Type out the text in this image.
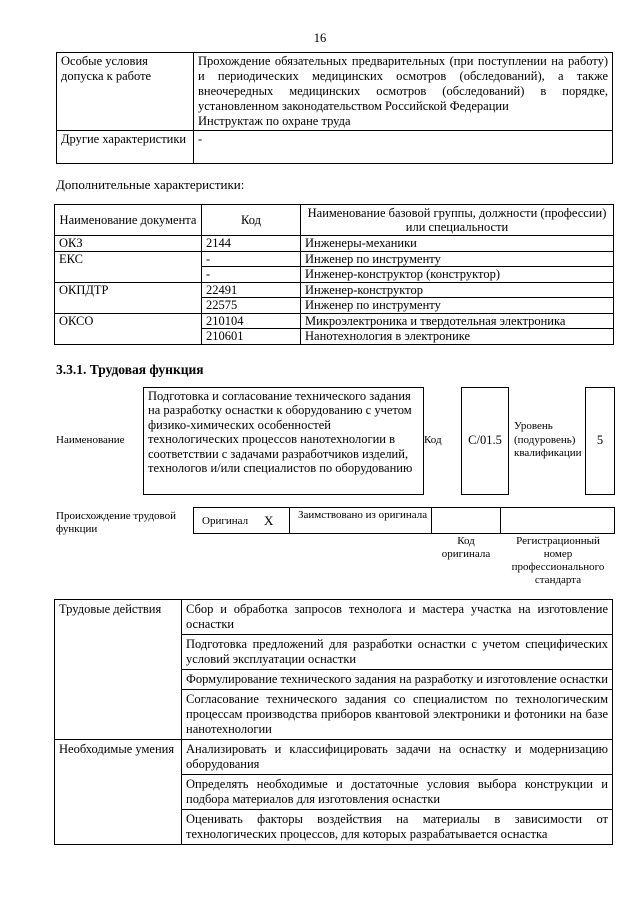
16
Особые условия допуска к работе	Прохождение обязательных предварительных (при поступлении на работу) и периодических медицинских осмотров (обследований), а также внеочередных медицинских осмотров (обследований) в порядке, установленном законодательством Российской Федерации
Инструктаж по охране труда

Другие характеристики	-
Дополнительные характеристики:
Наименование документа	Код	Наименование базовой группы, должности (профессии) или специальности
ОКЗ	2144	Инженеры-механики
ЕКС	-	Инженер по инструменту
	-	Инженер-конструктор (конструктор)
ОКПДТР	22491	Инженер-конструктор
	22575	Инженер по инструменту
ОКСО	210104	Микроэлектроника и твердотельная электроника
	210601	Нанотехнология в электронике
3.3.1. Трудовая функция
Наименование
Подготовка и согласование технического задания на разработку оснастки к оборудованию с учетом физико-химических особенностей технологических процессов нанотехнологии в соответствии с задачами разработчиков изделий, технологов и/или специалистов по оборудованию
Код	C/01.5
Уровень (подуровень) квалификации
5
Происхождение трудовой функции
Оригинал X Заимствовано из оригинала
Код оригинала
Регистрационный номер профессионального стандарта
Трудовые действия	Сбор и обработка запросов технолога и мастера участка на изготовление оснастки
	Подготовка предложений для разработки оснастки с учетом специфических условий эксплуатации оснастки
	Формулирование технического задания на разработку и изготовление оснастки
	Согласование технического задания со специалистом по технологическим процессам производства приборов квантовой электроники и фотоники на базе нанотехнологии
Необходимые умения	Анализировать и классифицировать задачи на оснастку и модернизацию оборудования
	Определять необходимые и достаточные условия выбора конструкции и подбора материалов для изготовления оснастки
	Оценивать факторы воздействия на материалы в зависимости от технологических процессов, для которых разрабатывается оснастка
